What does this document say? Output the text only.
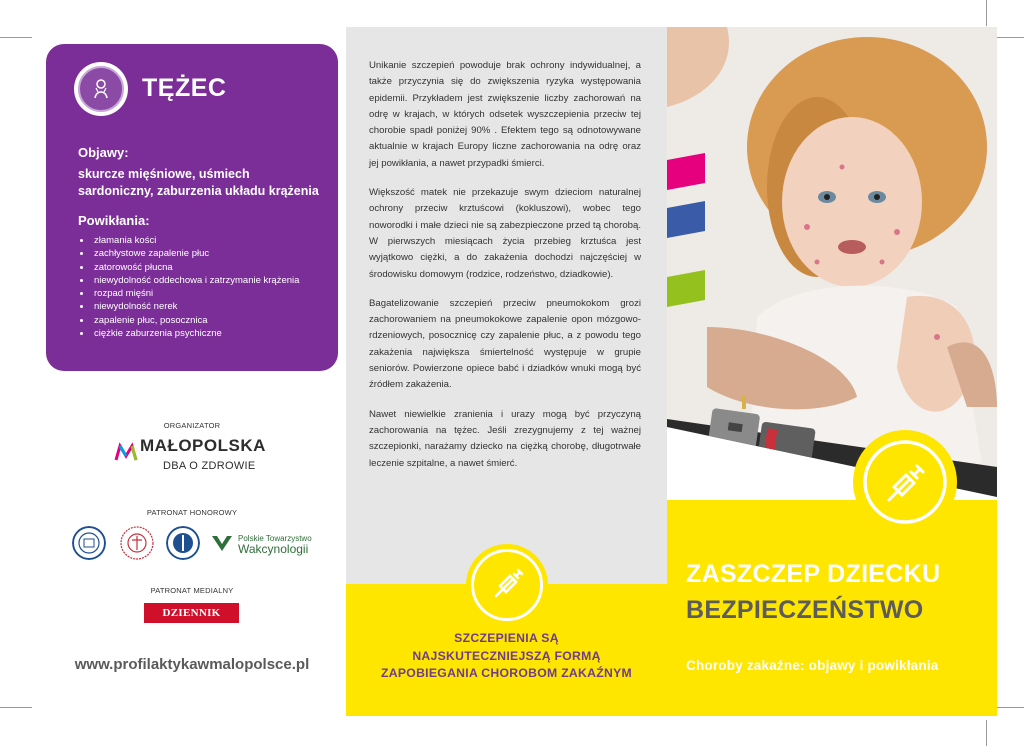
TĘŻEC
Objawy:
skurcze mięśniowe, uśmiech sardoniczny, zaburzenia układu krążenia
Powikłania:
• złamania kości
• zachłystowe zapalenie płuc
• zatorowość płucna
• niewydolność oddechowa i zatrzymanie krążenia
• rozpad mięśni
• niewydolność nerek
• zapalenie płuc, posocznica
• ciężkie zaburzenia psychiczne
ORGANIZATOR
MAŁOPOLSKA
DBA O ZDROWIE
PATRONAT HONOROWY
Polskie Towarzystwo
Wakcynologii
PATRONAT MEDIALNY
DZIENNIK POLSKI
www.profilaktykawmalopolsce.pl

Unikanie szczepień powoduje brak ochrony indywidualnej, a także przyczynia się do zwiększenia ryzyka występowania epidemii. Przykładem jest zwiększenie liczby zachorowań na odrę w krajach, w których odsetek wyszczepienia przeciw tej chorobie spadł poniżej 90% . Efektem tego są odnotowywane aktualnie w krajach Europy liczne zachorowania na odrę oraz jej powikłania, a nawet przypadki śmierci.

Większość matek nie przekazuje swym dzieciom naturalnej ochrony przeciw krztuścowi (kokluszowi), wobec tego noworodki i małe dzieci nie są zabezpieczone przed tą chorobą. W pierwszych miesiącach życia przebieg krztuśca jest wyjątkowo ciężki, a do zakażenia dochodzi najczęściej w środowisku domowym (rodzice, rodzeństwo, dziadkowie).

Bagatelizowanie szczepień przeciw pneumokokom grozi zachorowaniem na pneumokokowe zapalenie opon mózgowo-rdzeniowych, posocznicę czy zapalenie płuc, a z powodu tego zakażenia największa śmiertelność występuje w grupie seniorów. Powierzone opiece babć i dziadków wnuki mogą być źródłem zakażenia.

Nawet niewielkie zranienia i urazy mogą być przyczyną zachorowania na tężec. Jeśli zrezygnujemy z tej ważnej szczepionki, narażamy dziecko na ciężką chorobę, długotrwałe leczenie szpitalne, a nawet śmierć.

SZCZEPIENIA SĄ
NAJSKUTECZNIEJSZĄ FORMĄ
ZAPOBIEGANIA CHOROBOM ZAKAŹNYM
ZASZCZEP DZIECKU
BEZPIECZEŃSTWO
Choroby zakaźne: objawy i powikłania
